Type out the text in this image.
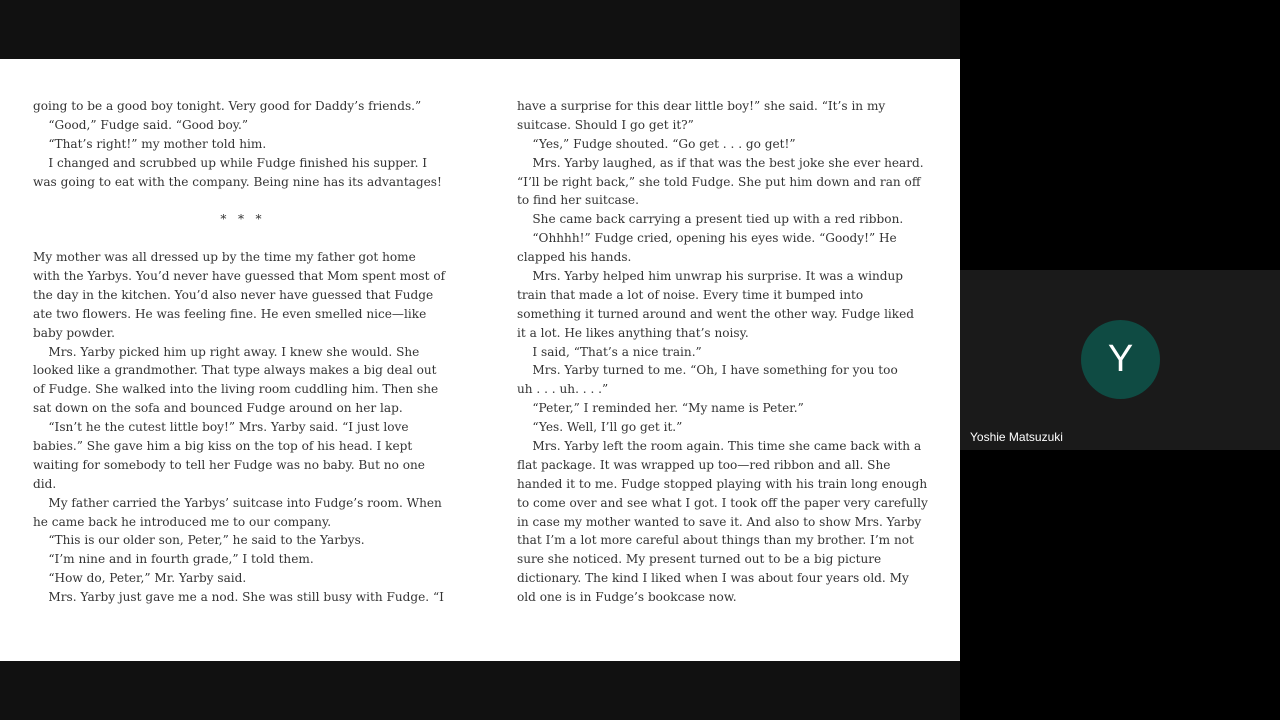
going to be a good boy tonight. Very good for Daddy’s friends.”
“Good,” Fudge said. “Good boy.”
“That’s right!” my mother told him.
I changed and scrubbed up while Fudge finished his supper. I
was going to eat with the company. Being nine has its advantages!
*   *   *
My mother was all dressed up by the time my father got home
with the Yarbys. You’d never have guessed that Mom spent most of
the day in the kitchen. You’d also never have guessed that Fudge
ate two flowers. He was feeling fine. He even smelled nice—like
baby powder.
Mrs. Yarby picked him up right away. I knew she would. She
looked like a grandmother. That type always makes a big deal out
of Fudge. She walked into the living room cuddling him. Then she
sat down on the sofa and bounced Fudge around on her lap.
“Isn’t he the cutest little boy!” Mrs. Yarby said. “I just love
babies.” She gave him a big kiss on the top of his head. I kept
waiting for somebody to tell her Fudge was no baby. But no one
did.
My father carried the Yarbys’ suitcase into Fudge’s room. When
he came back he introduced me to our company.
“This is our older son, Peter,” he said to the Yarbys.
“I’m nine and in fourth grade,” I told them.
“How do, Peter,” Mr. Yarby said.
Mrs. Yarby just gave me a nod. She was still busy with Fudge. “I
have a surprise for this dear little boy!” she said. “It’s in my
suitcase. Should I go get it?”
“Yes,” Fudge shouted. “Go get . . . go get!”
Mrs. Yarby laughed, as if that was the best joke she ever heard.
“I’ll be right back,” she told Fudge. She put him down and ran off
to find her suitcase.
She came back carrying a present tied up with a red ribbon.
“Ohhhh!” Fudge cried, opening his eyes wide. “Goody!” He
clapped his hands.
Mrs. Yarby helped him unwrap his surprise. It was a windup
train that made a lot of noise. Every time it bumped into
something it turned around and went the other way. Fudge liked
it a lot. He likes anything that’s noisy.
I said, “That’s a nice train.”
Mrs. Yarby turned to me. “Oh, I have something for you too
uh . . . uh. . . .”
“Peter,” I reminded her. “My name is Peter.”
“Yes. Well, I’ll go get it.”
Mrs. Yarby left the room again. This time she came back with a
flat package. It was wrapped up too—red ribbon and all. She
handed it to me. Fudge stopped playing with his train long enough
to come over and see what I got. I took off the paper very carefully
in case my mother wanted to save it. And also to show Mrs. Yarby
that I’m a lot more careful about things than my brother. I’m not
sure she noticed. My present turned out to be a big picture
dictionary. The kind I liked when I was about four years old. My
old one is in Fudge’s bookcase now.
Y
Yoshie Matsuzuki
